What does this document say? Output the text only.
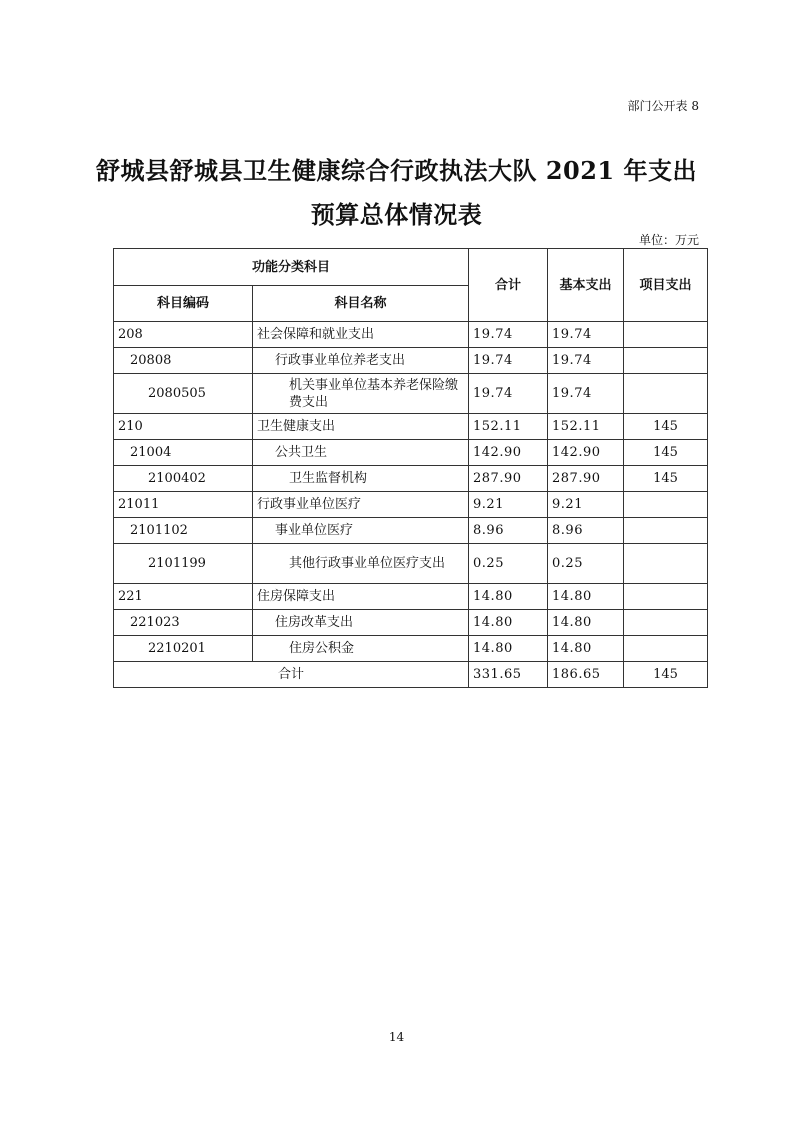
部门公开表 8
舒城县舒城县卫生健康综合行政执法大队 2021 年支出
预算总体情况表
单位：万元
功能分类科目		合计	基本支出	项目支出
科目编码	科目名称			
208	社会保障和就业支出	19.74	19.74	
20808	行政事业单位养老支出	19.74	19.74	
2080505	机关事业单位基本养老保险缴费支出	19.74	19.74	
210	卫生健康支出	152.11	152.11	145
21004	公共卫生	142.90	142.90	145
2100402	卫生监督机构	287.90	287.90	145
21011	行政事业单位医疗	9.21	9.21	
2101102	事业单位医疗	8.96	8.96	
2101199	其他行政事业单位医疗支出	0.25	0.25	
221	住房保障支出	14.80	14.80	
221023	住房改革支出	14.80	14.80	
2210201	住房公积金	14.80	14.80	
合计		331.65	186.65	145
14
